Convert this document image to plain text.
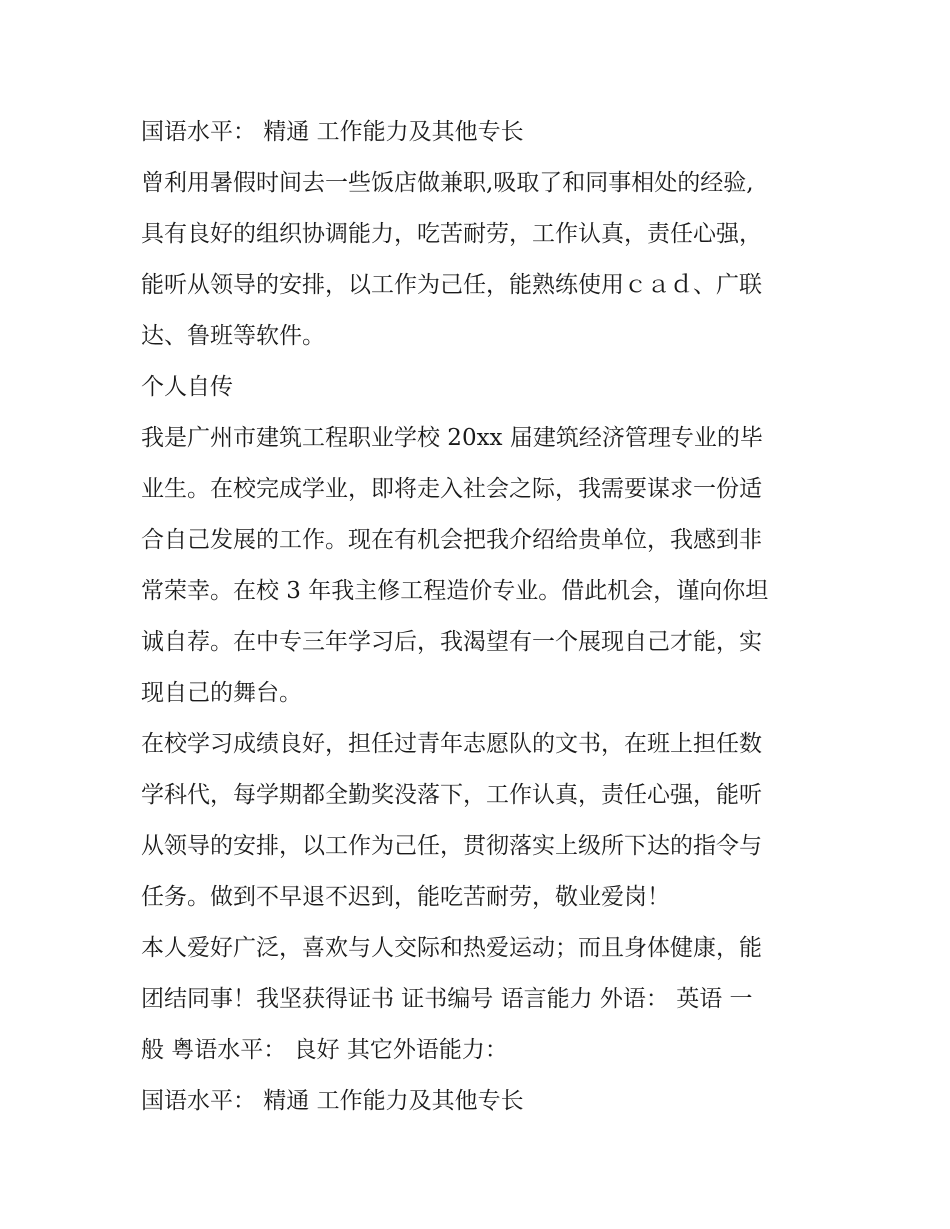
国语水平： 精通 工作能力及其他专长
曾利用暑假时间去一些饭店做兼职,吸取了和同事相处的经验,
具有良好的组织协调能力，吃苦耐劳，工作认真，责任心强，
能听从领导的安排，以工作为己任，能熟练使用ｃａｄ、广联
达、鲁班等软件。
个人自传
我是广州市建筑工程职业学校 20xx 届建筑经济管理专业的毕
业生。在校完成学业，即将走入社会之际，我需要谋求一份适
合自己发展的工作。现在有机会把我介绍给贵单位，我感到非
常荣幸。在校 3 年我主修工程造价专业。借此机会，谨向你坦
诚自荐。在中专三年学习后，我渴望有一个展现自己才能，实
现自己的舞台。
在校学习成绩良好，担任过青年志愿队的文书，在班上担任数
学科代，每学期都全勤奖没落下，工作认真，责任心强，能听
从领导的安排，以工作为己任，贯彻落实上级所下达的指令与
任务。做到不早退不迟到，能吃苦耐劳，敬业爱岗！
本人爱好广泛，喜欢与人交际和热爱运动；而且身体健康，能
团结同事！我坚获得证书 证书编号 语言能力 外语： 英语 一
般 粤语水平： 良好 其它外语能力：
国语水平： 精通 工作能力及其他专长
